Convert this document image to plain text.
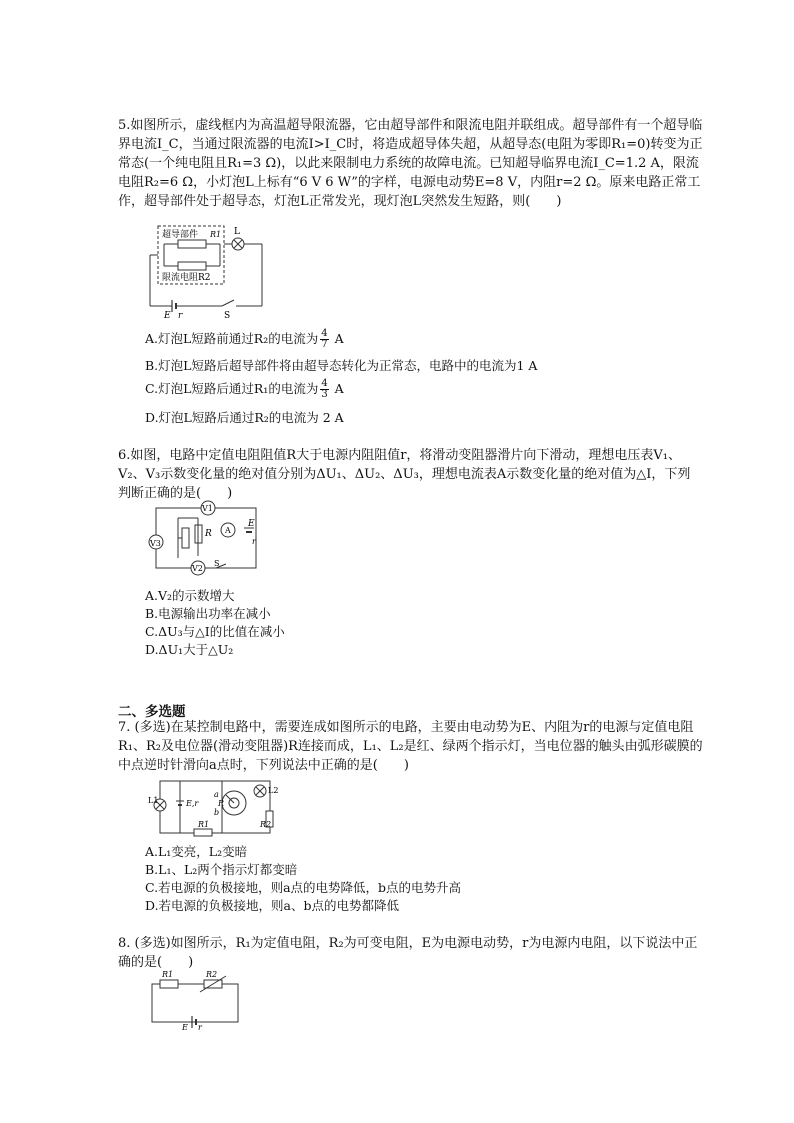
5.如图所示，虚线框内为高温超导限流器，它由超导部件和限流电阻并联组成。超导部件有一个超导临界电流I_C，当通过限流器的电流I>I_C时，将造成超导体失超，从超导态(电阻为零即R₁=0)转变为正常态(一个纯电阻且R₁=3 Ω)，以此来限制电力系统的故障电流。已知超导临界电流I_C=1.2 A，限流电阻R₂=6 Ω，小灯泡L上标有“6 V 6 W”的字样，电源电动势E=8 V，内阻r=2 Ω。原来电路正常工作，超导部件处于超导态，灯泡L正常发光，现灯泡L突然发生短路，则(　　)
超导部件 R1
限流电阻R2
L
E r	S
A.灯泡L短路前通过R₂的电流为 $\frac{4}{7}$ A
B.灯泡L短路后超导部件将由超导态转化为正常态，电路中的电流为1 A
C.灯泡L短路后通过R₁的电流为 $\frac{4}{3}$ A
D.灯泡L短路后通过R₂的电流为 2 A
6.如图，电路中定值电阻阻值R大于电源内阻阻值r，将滑动变阻器滑片向下滑动，理想电压表V₁、V₂、V₃示数变化量的绝对值分别为ΔU₁、ΔU₂、ΔU₃，理想电流表A示数变化量的绝对值为△I，下列判断正确的是(　　)
V3
R
V1
A
E
r
V2
S
A.V₂的示数增大
B.电源输出功率在减小
C.ΔU₃与△I的比值在减小
D.ΔU₁大于△U₂
二、多选题
7. (多选)在某控制电路中，需要连成如图所示的电路，主要由电动势为E、内阻为r的电源与定值电阻R₁、R₂及电位器(滑动变阻器)R连接而成，L₁、L₂是红、绿两个指示灯，当电位器的触头由弧形碳膜的中点逆时针滑向a点时，下列说法中正确的是(　　)
L1	E,r
a
b
R
L2
R2
R1
A.L₁变亮，L₂变暗
B.L₁、L₂两个指示灯都变暗
C.若电源的负极接地，则a点的电势降低，b点的电势升高
D.若电源的负极接地，则a、b点的电势都降低
8. (多选)如图所示，R₁为定值电阻，R₂为可变电阻，E为电源电动势，r为电源内电阻，以下说法中正确的是(　　)
R1	R2
E r
